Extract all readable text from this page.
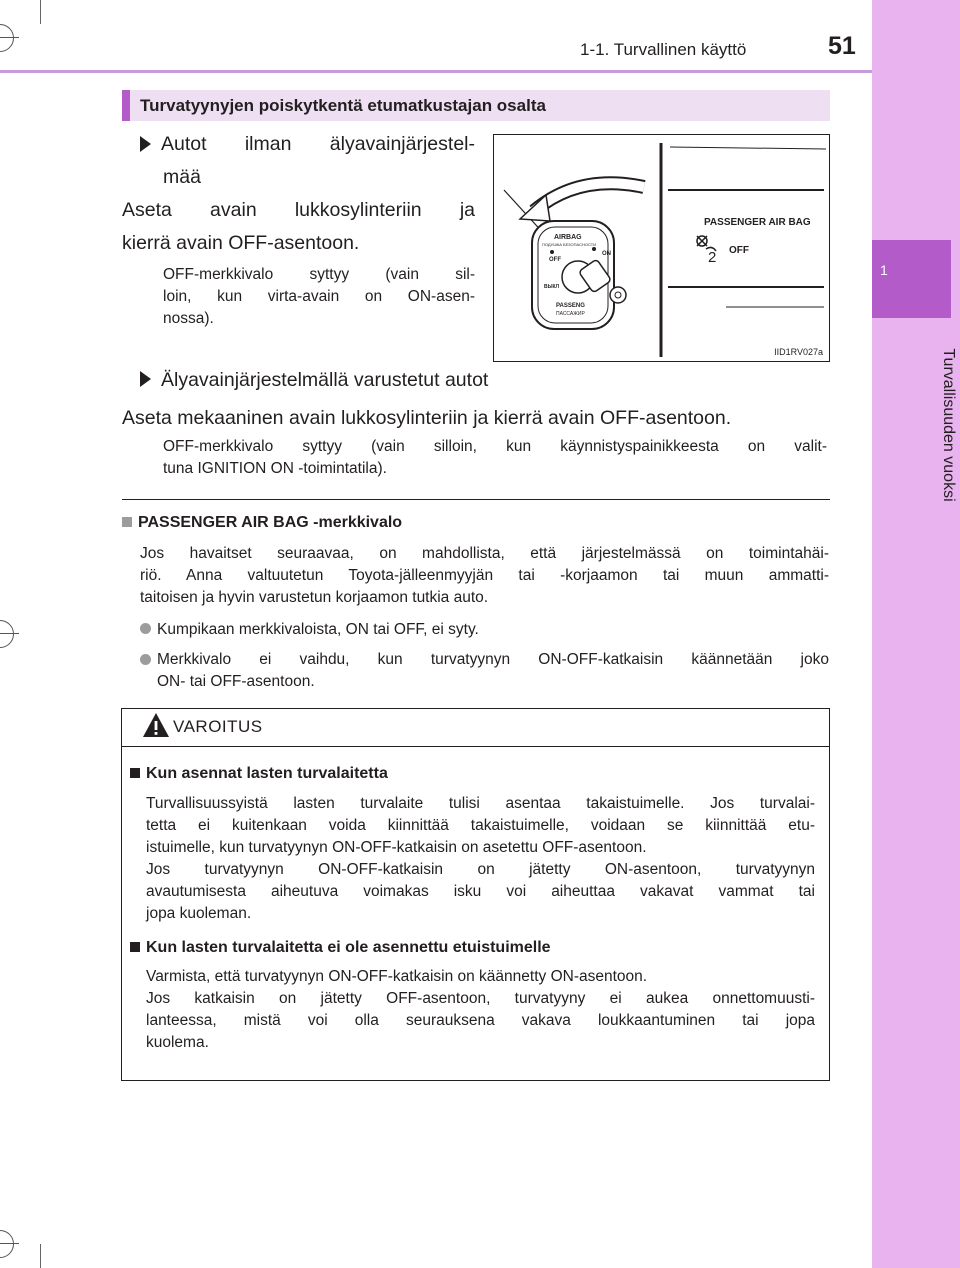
1
Turvallisuuden vuoksi
1-1. Turvallinen käyttö	51
Turvatyynyjen poiskytkentä etumatkustajan osalta
Autot ilman älyavainjärjestel-
mää
Aseta avain lukkosylinteriin ja
kierrä avain OFF-asentoon.
OFF-merkkivalo syttyy (vain sil-
loin, kun virta-avain on ON-asen-
nossa).
PASSENGER AIR BAG
2 OFF
AIRBAG
ПОДУШКА БЕЗОПАСНОСТИ
OFF
ON
ВЫКЛ
PASSENG
ПАССАЖИР
IID1RV027a
Älyavainjärjestelmällä varustetut autot
Aseta mekaaninen avain lukkosylinteriin ja kierrä avain OFF-asentoon.
OFF-merkkivalo syttyy (vain silloin, kun käynnistyspainikkeesta on valit-
tuna IGNITION ON -toimintatila).
PASSENGER AIR BAG -merkkivalo
Jos havaitset seuraavaa, on mahdollista, että järjestelmässä on toimintahäi-
riö. Anna valtuutetun Toyota-jälleenmyyjän tai -korjaamon tai muun ammatti-
taitoisen ja hyvin varustetun korjaamon tutkia auto.
Kumpikaan merkkivaloista, ON tai OFF, ei syty.
Merkkivalo ei vaihdu, kun turvatyynyn ON-OFF-katkaisin käännetään joko
ON- tai OFF-asentoon.
VAROITUS
Kun asennat lasten turvalaitetta
Turvallisuussyistä lasten turvalaite tulisi asentaa takaistuimelle. Jos turvalai-
tetta ei kuitenkaan voida kiinnittää takaistuimelle, voidaan se kiinnittää etu-
istuimelle, kun turvatyynyn ON-OFF-katkaisin on asetettu OFF-asentoon.
Jos turvatyynyn ON-OFF-katkaisin on jätetty ON-asentoon, turvatyynyn
avautumisesta aiheutuva voimakas isku voi aiheuttaa vakavat vammat tai
jopa kuoleman.
Kun lasten turvalaitetta ei ole asennettu etuistuimelle
Varmista, että turvatyynyn ON-OFF-katkaisin on käännetty ON-asentoon.
Jos katkaisin on jätetty OFF-asentoon, turvatyyny ei aukea onnettomuusti-
lanteessa, mistä voi olla seurauksena vakava loukkaantuminen tai jopa
kuolema.
